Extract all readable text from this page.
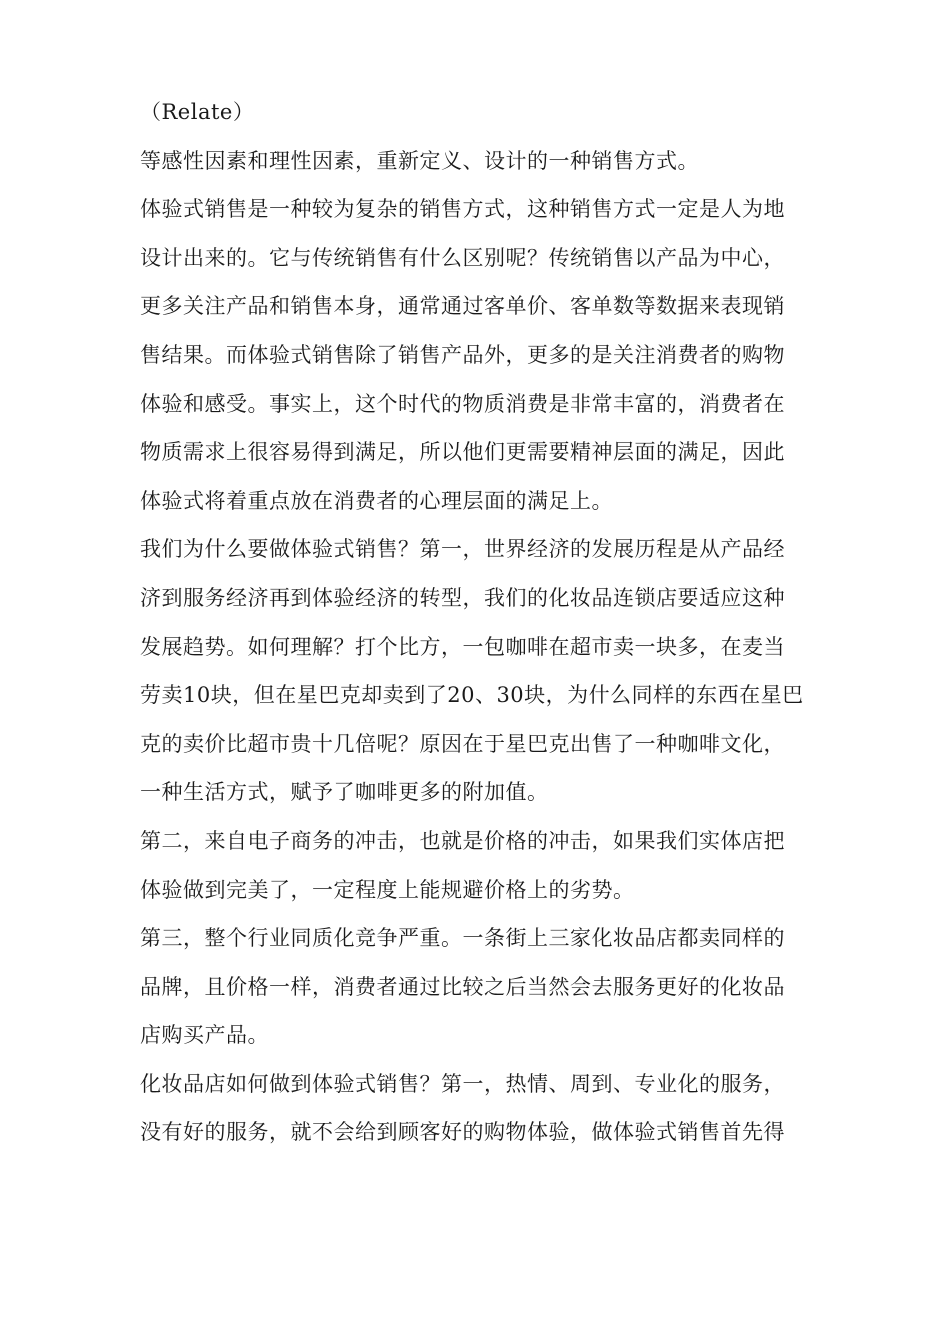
（Relate）

等感性因素和理性因素，重新定义、设计的一种销售方式。

体验式销售是一种较为复杂的销售方式，这种销售方式一定是人为地
设计出来的。它与传统销售有什么区别呢？传统销售以产品为中心，
更多关注产品和销售本身，通常通过客单价、客单数等数据来表现销
售结果。而体验式销售除了销售产品外，更多的是关注消费者的购物
体验和感受。事实上，这个时代的物质消费是非常丰富的，消费者在
物质需求上很容易得到满足，所以他们更需要精神层面的满足，因此
体验式将着重点放在消费者的心理层面的满足上。

我们为什么要做体验式销售？第一，世界经济的发展历程是从产品经
济到服务经济再到体验经济的转型，我们的化妆品连锁店要适应这种
发展趋势。如何理解？打个比方，一包咖啡在超市卖一块多，在麦当
劳卖10块，但在星巴克却卖到了20、30块，为什么同样的东西在星巴
克的卖价比超市贵十几倍呢？原因在于星巴克出售了一种咖啡文化，
一种生活方式，赋予了咖啡更多的附加值。

第二，来自电子商务的冲击，也就是价格的冲击，如果我们实体店把
体验做到完美了，一定程度上能规避价格上的劣势。

第三，整个行业同质化竞争严重。一条街上三家化妆品店都卖同样的
品牌，且价格一样，消费者通过比较之后当然会去服务更好的化妆品
店购买产品。

化妆品店如何做到体验式销售？第一，热情、周到、专业化的服务，
没有好的服务，就不会给到顾客好的购物体验，做体验式销售首先得
